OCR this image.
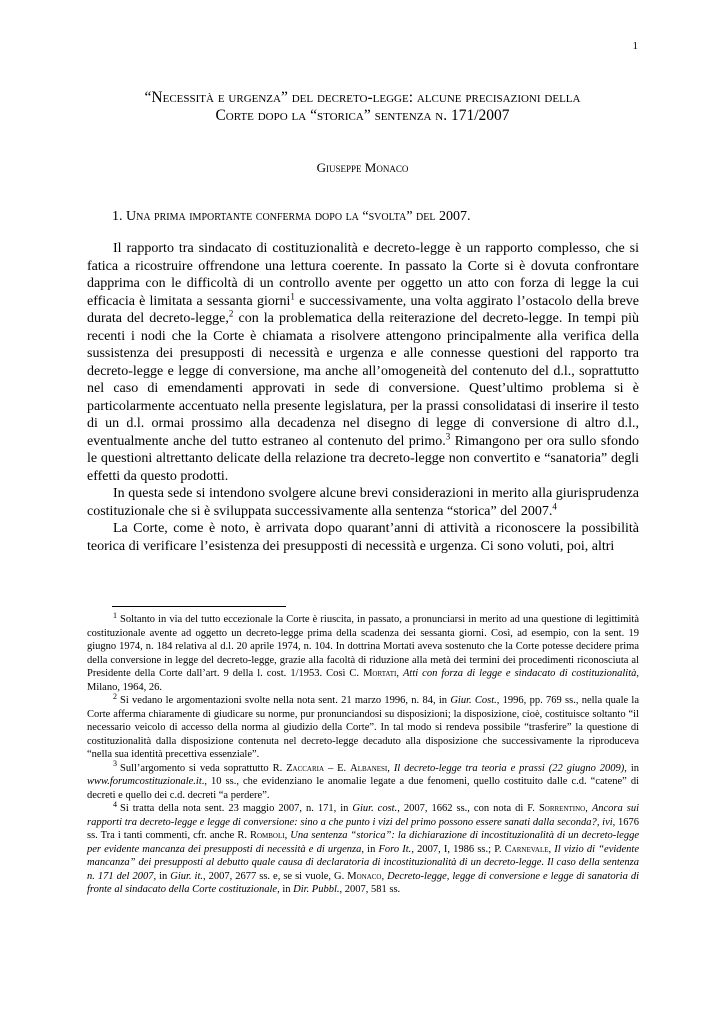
1
“Necessità e urgenza” del decreto-legge: alcune precisazioni della
Corte dopo la “storica” sentenza n. 171/2007
Giuseppe Monaco
1. Una prima importante conferma dopo la “svolta” del 2007.

Il rapporto tra sindacato di costituzionalità e decreto-legge è un rapporto complesso, che si fatica a ricostruire offrendone una lettura coerente. In passato la Corte si è dovuta confrontare dapprima con le difficoltà di un controllo avente per oggetto un atto con forza di legge la cui efficacia è limitata a sessanta giorni$^1$ e successivamente, una volta aggirato l’ostacolo della breve durata del decreto-legge,$^2$ con la problematica della reiterazione del decreto-legge. In tempi più recenti i nodi che la Corte è chiamata a risolvere attengono principalmente alla verifica della sussistenza dei presupposti di necessità e urgenza e alle connesse questioni del rapporto tra decreto-legge e legge di conversione, ma anche all’omogeneità del contenuto del d.l., soprattutto nel caso di emendamenti approvati in sede di conversione. Quest’ultimo problema si è particolarmente accentuato nella presente legislatura, per la prassi consolidatasi di inserire il testo di un d.l. ormai prossimo alla decadenza nel disegno di legge di conversione di altro d.l., eventualmente anche del tutto estraneo al contenuto del primo.$^3$ Rimangono per ora sullo sfondo le questioni altrettanto delicate della relazione tra decreto-legge non convertito e “sanatoria” degli effetti da questo prodotti.

In questa sede si intendono svolgere alcune brevi considerazioni in merito alla giurisprudenza costituzionale che si è sviluppata successivamente alla sentenza “storica” del 2007.$^4$

La Corte, come è noto, è arrivata dopo quarant’anni di attività a riconoscere la possibilità teorica di verificare l’esistenza dei presupposti di necessità e urgenza. Ci sono voluti, poi, altri

$^1$ Soltanto in via del tutto eccezionale la Corte è riuscita, in passato, a pronunciarsi in merito ad una questione di legittimità costituzionale avente ad oggetto un decreto-legge prima della scadenza dei sessanta giorni. Così, ad esempio, con la sent. 19 giugno 1974, n. 184 relativa al d.l. 20 aprile 1974, n. 104. In dottrina Mortati aveva sostenuto che la Corte potesse decidere prima della conversione in legge del decreto-legge, grazie alla facoltà di riduzione alla metà dei termini dei procedimenti riconosciuta al Presidente della Corte dall’art. 9 della l. cost. 1/1953. Così C. Mortati, Atti con forza di legge e sindacato di costituzionalità, Milano, 1964, 26.

$^2$ Si vedano le argomentazioni svolte nella nota sent. 21 marzo 1996, n. 84, in Giur. Cost., 1996, pp. 769 ss., nella quale la Corte afferma chiaramente di giudicare su norme, pur pronunciandosi su disposizioni; la disposizione, cioè, costituisce soltanto “il necessario veicolo di accesso della norma al giudizio della Corte”. In tal modo si rendeva possibile “trasferire” la questione di costituzionalità dalla disposizione contenuta nel decreto-legge decaduto alla disposizione che successivamente la riproduceva “nella sua identità precettiva essenziale”.

$^3$ Sull’argomento si veda soprattutto R. Zaccaria – E. Albanesi, Il decreto-legge tra teoria e prassi (22 giugno 2009), in www.forumcostituzionale.it., 10 ss., che evidenziano le anomalie legate a due fenomeni, quello costituito dalle c.d. “catene” di decreti e quello dei c.d. decreti “a perdere”.

$^4$ Si tratta della nota sent. 23 maggio 2007, n. 171, in Giur. cost., 2007, 1662 ss., con nota di F. Sorrentino, Ancora sui rapporti tra decreto-legge e legge di conversione: sino a che punto i vizi del primo possono essere sanati dalla seconda?, ivi, 1676 ss. Tra i tanti commenti, cfr. anche R. Romboli, Una sentenza “storica”: la dichiarazione di incostituzionalità di un decreto-legge per evidente mancanza dei presupposti di necessità e di urgenza, in Foro It., 2007, I, 1986 ss.; P. Carnevale, Il vizio di “evidente mancanza” dei presupposti al debutto quale causa di declaratoria di incostituzionalità di un decreto-legge. Il caso della sentenza n. 171 del 2007, in Giur. it., 2007, 2677 ss. e, se si vuole, G. Monaco, Decreto-legge, legge di conversione e legge di sanatoria di fronte al sindacato della Corte costituzionale, in Dir. Pubbl., 2007, 581 ss.
